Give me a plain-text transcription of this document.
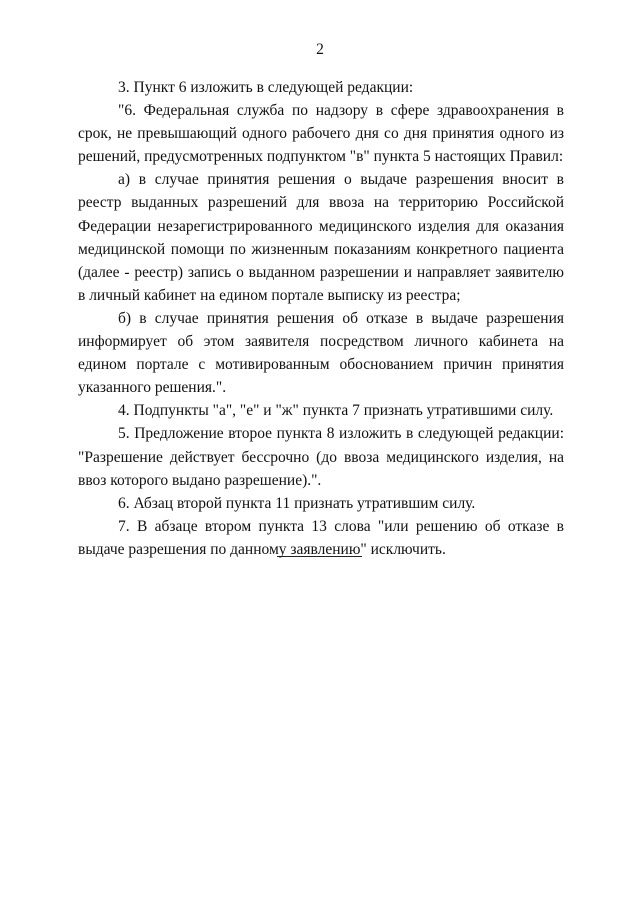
2

3. Пункт 6 изложить в следующей редакции:

"6. Федеральная служба по надзору в сфере здравоохранения в срок, не превышающий одного рабочего дня со дня принятия одного из решений, предусмотренных подпунктом "в" пункта 5 настоящих Правил:

а) в случае принятия решения о выдаче разрешения вносит в реестр выданных разрешений для ввоза на территорию Российской Федерации незарегистрированного медицинского изделия для оказания медицинской помощи по жизненным показаниям конкретного пациента (далее - реестр) запись о выданном разрешении и направляет заявителю в личный кабинет на едином портале выписку из реестра;

б) в случае принятия решения об отказе в выдаче разрешения информирует об этом заявителя посредством личного кабинета на едином портале с мотивированным обоснованием причин принятия указанного решения.".

4. Подпункты "а", "е" и "ж" пункта 7 признать утратившими силу.

5. Предложение второе пункта 8 изложить в следующей редакции: "Разрешение действует бессрочно (до ввоза медицинского изделия, на ввоз которого выдано разрешение).".

6. Абзац второй пункта 11 признать утратившим силу.

7. В абзаце втором пункта 13 слова "или решению об отказе в выдаче разрешения по данному заявлению" исключить.
